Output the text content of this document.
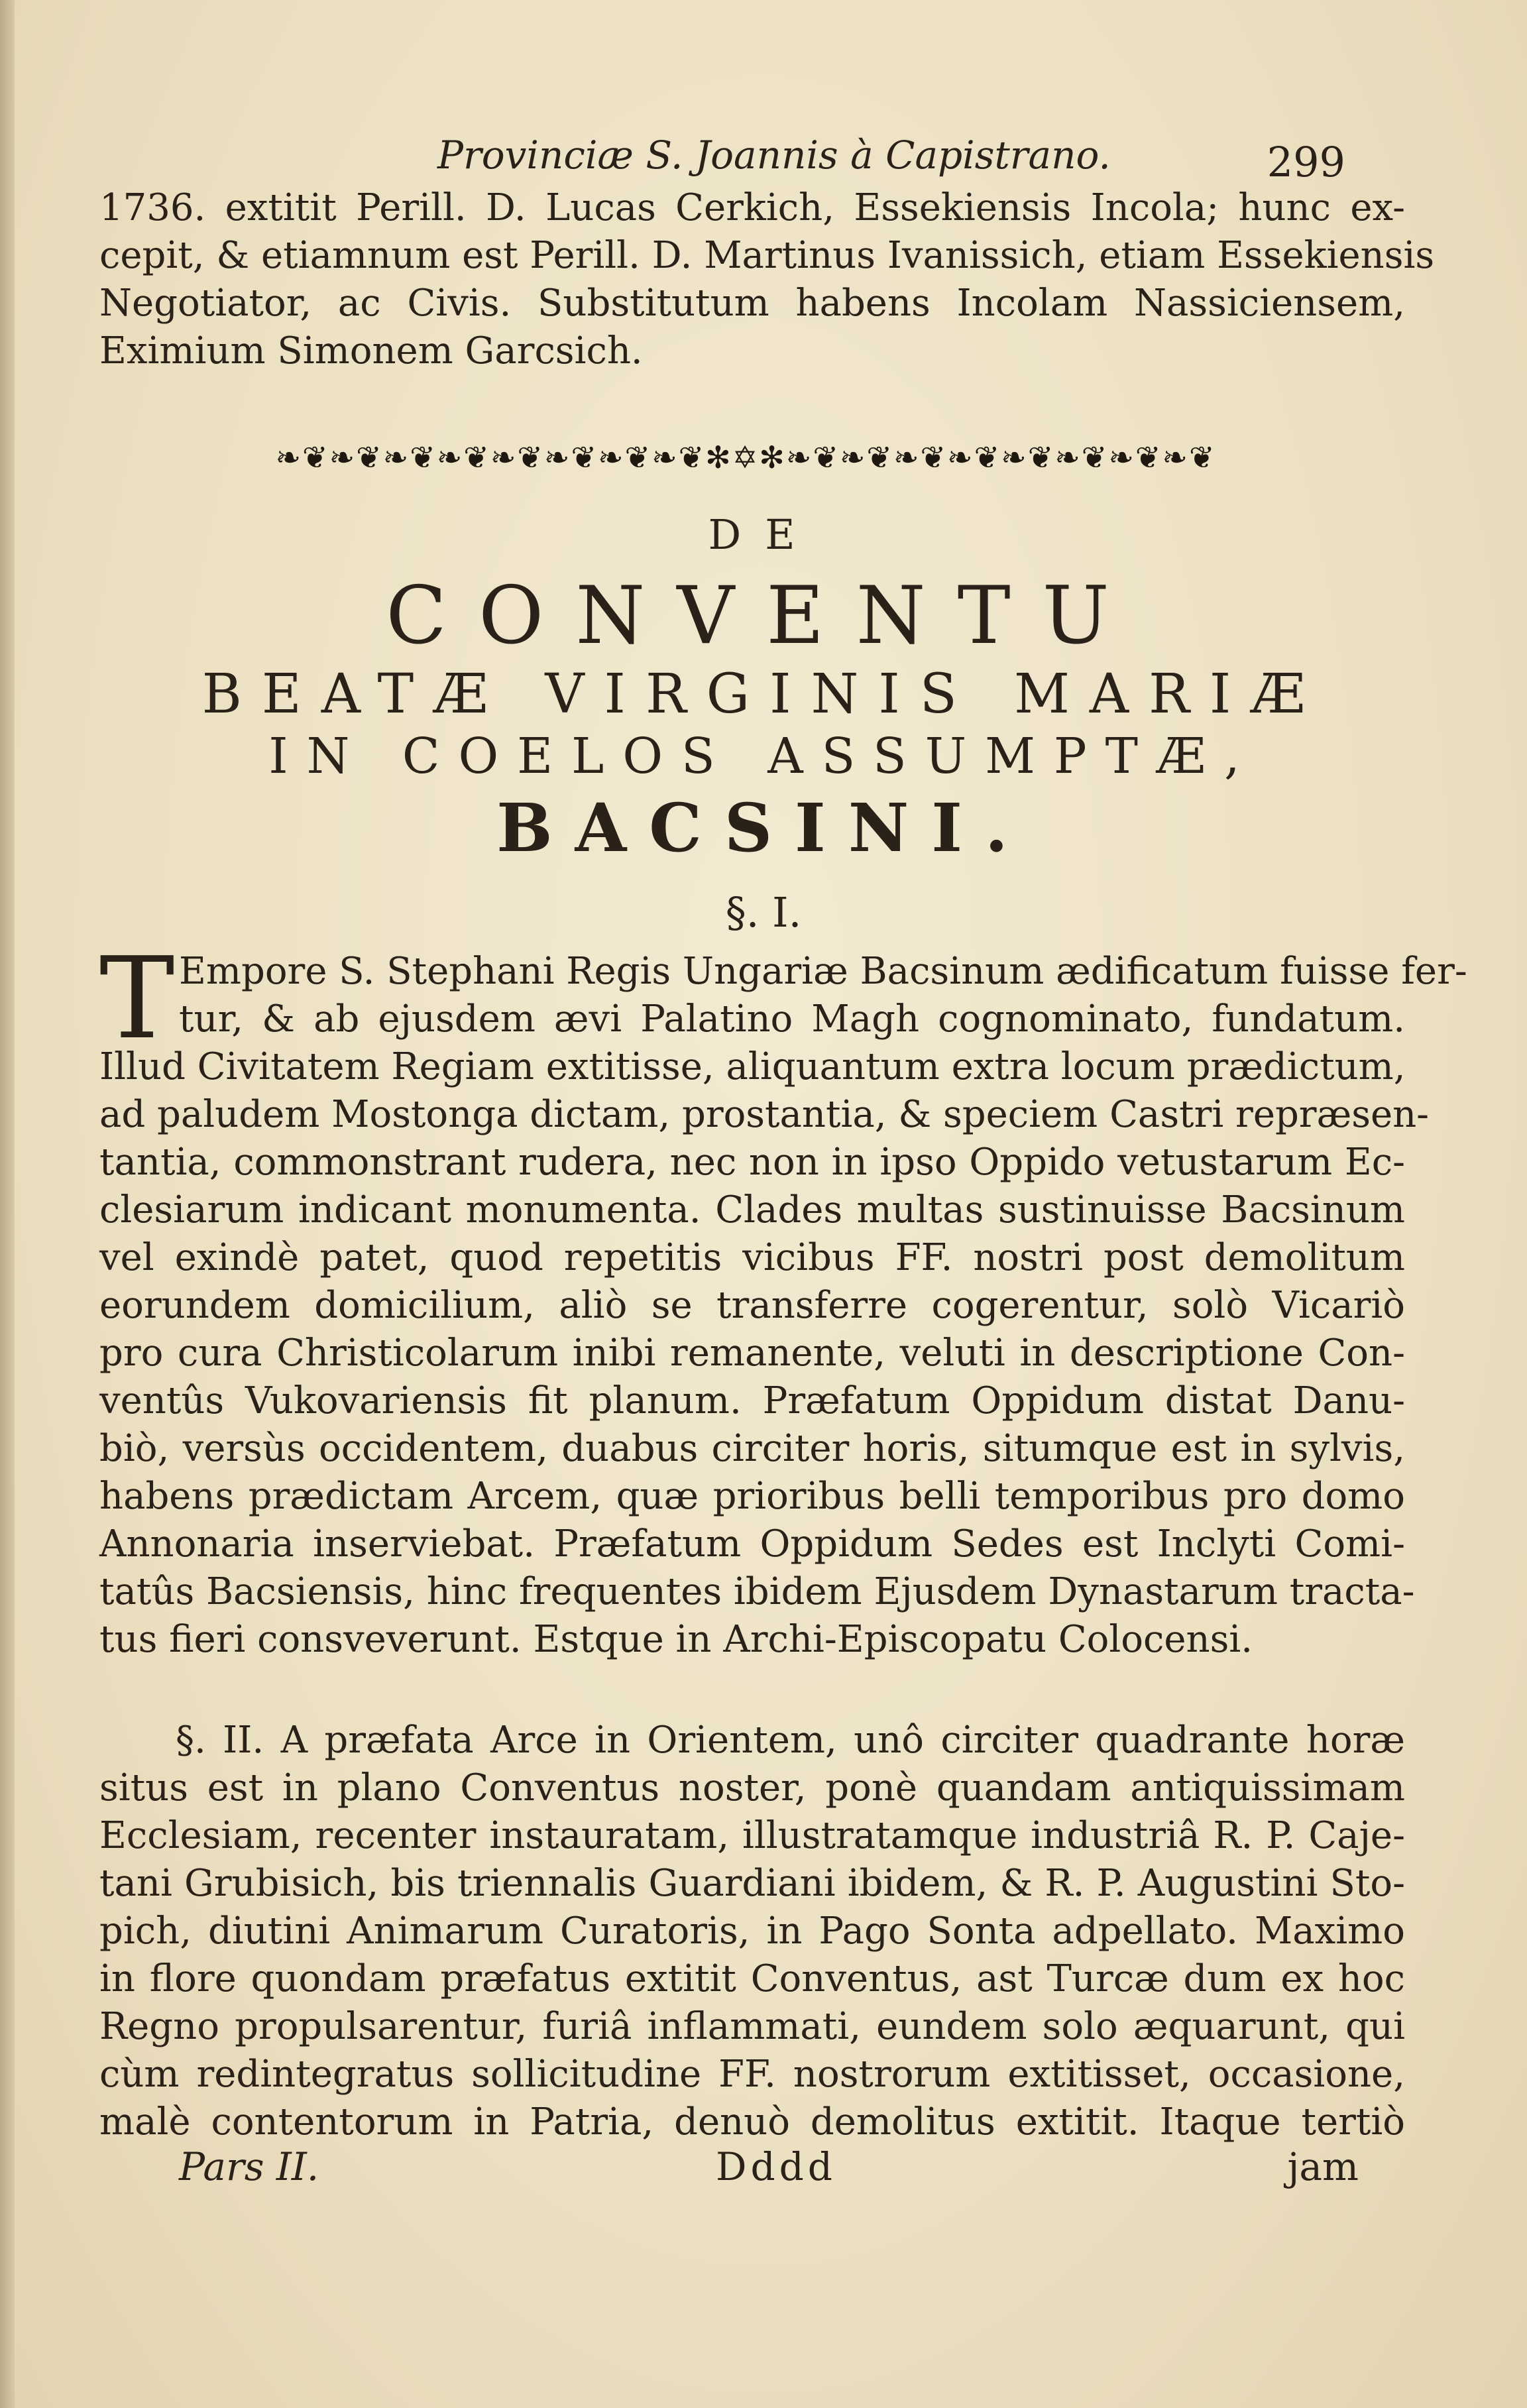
Provinciæ S. Joannis à Capistrano.	299
1736. extitit Perill. D. Lucas Cerkich, Essekiensis Incola; hunc ex-
cepit, & etiamnum est Perill. D. Martinus Ivanissich, etiam Essekiensis
Negotiator, ac Civis. Substitutum habens Incolam Nassiciensem,
Eximium Simonem Garcsich.
❧❦❧❦❧❦❧❦❧❦❧❦❧❦❧❦✻✡✻❧❦❧❦❧❦❧❦❧❦❧❦❧❦❧❦
DE
CONVENTU
BEATÆ VIRGINIS MARIÆ
IN COELOS ASSUMPTÆ,
BACSINI.
§. I.
T Empore S. Stephani Regis Ungariæ Bacsinum ædificatum fuisse fer-
tur, & ab ejusdem ævi Palatino Magh cognominato, fundatum.
Illud Civitatem Regiam extitisse, aliquantum extra locum prædictum,
ad paludem Mostonga dictam, prostantia, & speciem Castri repræsen-
tantia, commonstrant rudera, nec non in ipso Oppido vetustarum Ec-
clesiarum indicant monumenta. Clades multas sustinuisse Bacsinum
vel exindè patet, quod repetitis vicibus FF. nostri post demolitum
eorundem domicilium, aliò se transferre cogerentur, solò Vicariò
pro cura Christicolarum inibi remanente, veluti in descriptione Con-
ventûs Vukovariensis fit planum. Præfatum Oppidum distat Danu-
biò, versùs occidentem, duabus circiter horis, situmque est in sylvis,
habens prædictam Arcem, quæ prioribus belli temporibus pro domo
Annonaria inserviebat. Præfatum Oppidum Sedes est Inclyti Comi-
tatûs Bacsiensis, hinc frequentes ibidem Ejusdem Dynastarum tracta-
tus fieri consveverunt. Estque in Archi-Episcopatu Colocensi.
§. II. A præfata Arce in Orientem, unô circiter quadrante horæ
situs est in plano Conventus noster, ponè quandam antiquissimam
Ecclesiam, recenter instauratam, illustratamque industriâ R. P. Caje-
tani Grubisich, bis triennalis Guardiani ibidem, & R. P. Augustini Sto-
pich, diutini Animarum Curatoris, in Pago Sonta adpellato. Maximo
in flore quondam præfatus extitit Conventus, ast Turcæ dum ex hoc
Regno propulsarentur, furiâ inflammati, eundem solo æquarunt, qui
cùm redintegratus sollicitudine FF. nostrorum extitisset, occasione,
malè contentorum in Patria, denuò demolitus extitit. Itaque tertiò
Pars II.	Dddd	jam
